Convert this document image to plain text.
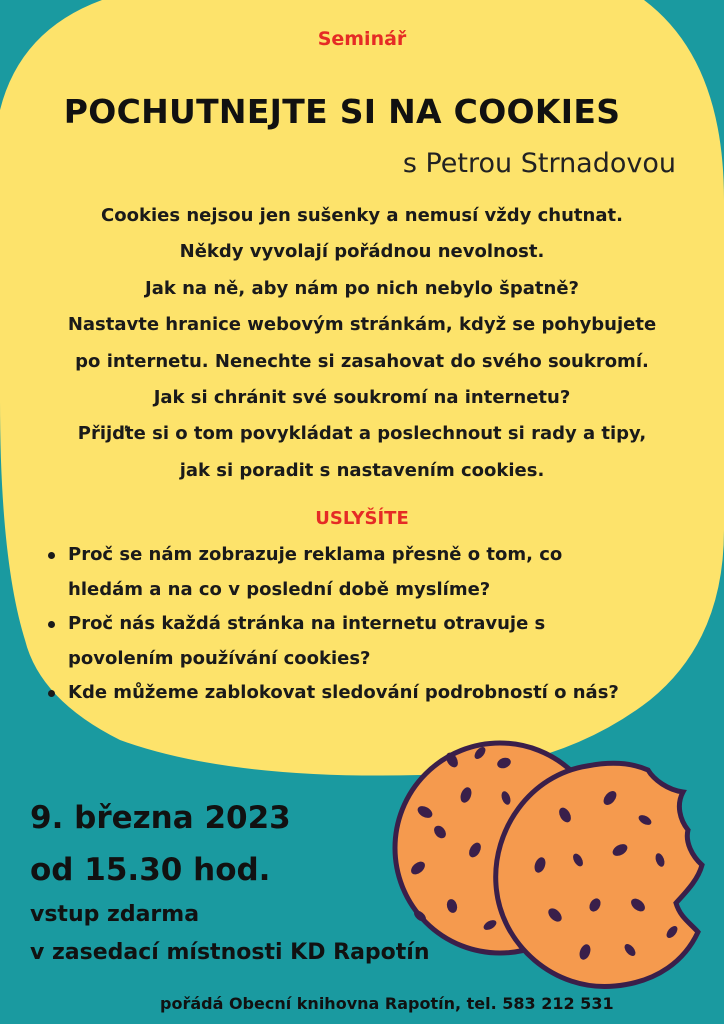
Seminář
POCHUTNEJTE SI NA COOKIES
s Petrou Strnadovou

Cookies nejsou jen sušenky a nemusí vždy chutnat.

Někdy vyvolají pořádnou nevolnost.

Jak na ně, aby nám po nich nebylo špatně?

Nastavte hranice webovým stránkám, když se pohybujete

po internetu. Nenechte si zasahovat do svého soukromí.

Jak si chránit své soukromí na internetu?

Přijďte si o tom povykládat a poslechnout si rady a tipy,

jak si poradit s nastavením cookies.

USLYŠÍTE
Proč se nám zobrazuje reklama přesně o tom, co
hledám a na co v poslední době myslíme?
Proč nás každá stránka na internetu otravuje s
povolením používání cookies?
Kde můžeme zablokovat sledování podrobností o nás?
9. března 2023
od 15.30 hod.
vstup zdarma
v zasedací místnosti KD Rapotín
pořádá Obecní knihovna Rapotín, tel. 583 212 531
